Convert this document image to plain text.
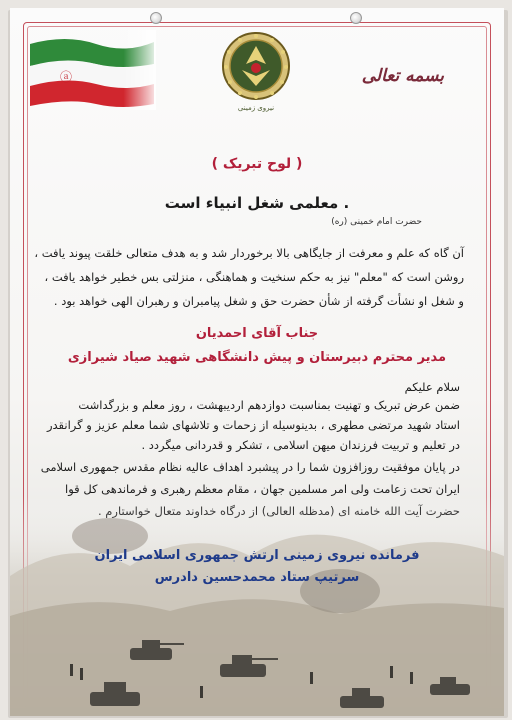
نیروی زمینی
بسمه تعالی
( لوح تبریک )
معلمی شغل انبیاء است .
حضرت امام خمینی (ره)
آن گاه که علم و معرفت از جایگاهی بالا برخوردار شد و به هدف متعالی خلقت پیوند یافت ،
روشن است که "معلم" نیز به حکم سنخیت و هماهنگی ، منزلتی بس خطیر خواهد یافت ،
و شغل او نشأت گرفته از شأن حضرت حق و شغل پیامبران و رهبران الهی خواهد بود .
جناب آقای احمدیان
مدیر محترم دبیرستان و پیش دانشگاهی شهید صیاد شیرازی
سلام علیکم
ضمن عرض تبریک و تهنیت بمناسبت دوازدهم اردیبهشت ، روز معلم و بزرگداشت
استاد شهید مرتضی مطهری ، بدینوسیله از زحمات و تلاشهای شما معلم عزیز و گرانقدر
در تعلیم و تربیت فرزندان میهن اسلامی ، تشکر و قدردانی میگردد .
در پایان موفقیت روزافزون شما را در پیشبرد اهداف عالیه نظام مقدس جمهوری اسلامی
ایران تحت زعامت ولی امر مسلمین جهان ، مقام معظم رهبری و فرماندهی کل قوا
فرمانده نیروی زمینی ارتش جمهوری اسلامی ایران
سرتیپ ستاد محمدحسین دادرس
